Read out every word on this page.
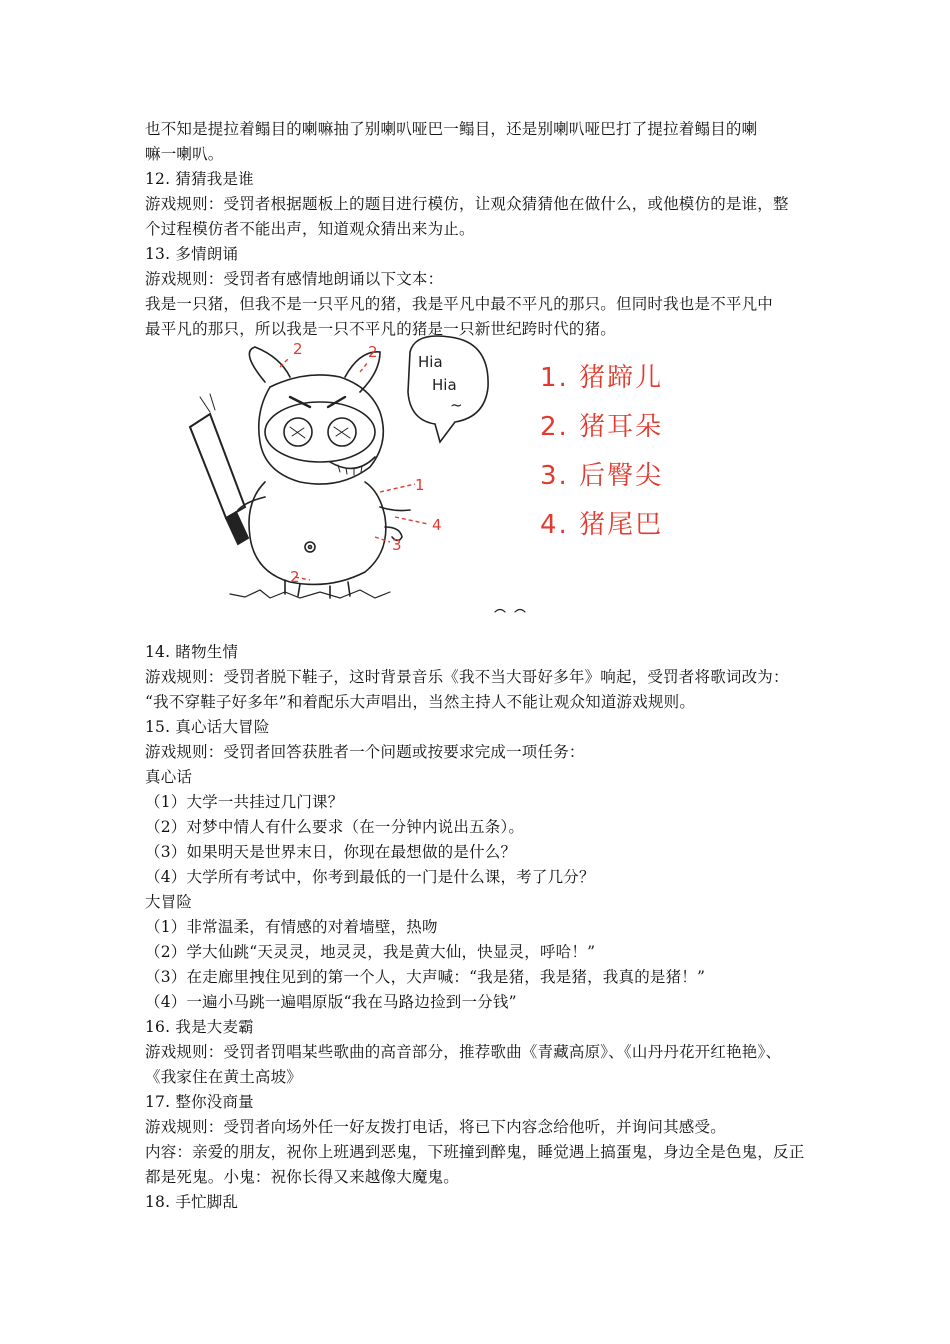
也不知是提拉着鳎目的喇嘛抽了别喇叭哑巴一鳎目，还是别喇叭哑巴打了提拉着鳎目的喇
嘛一喇叭。
12. 猜猜我是谁
游戏规则：受罚者根据题板上的题目进行模仿，让观众猜猜他在做什么，或他模仿的是谁，整
个过程模仿者不能出声，知道观众猜出来为止。
13. 多情朗诵
游戏规则：受罚者有感情地朗诵以下文本：
我是一只猪，但我不是一只平凡的猪，我是平凡中最不平凡的那只。但同时我也是不平凡中
最平凡的那只，所以我是一只不平凡的猪是一只新世纪跨时代的猪。
Hia
Hia
~
2	2
1
4
3
2
1. 猪蹄儿
2. 猪耳朵
3. 后臀尖
4. 猪尾巴
14. 睹物生情
游戏规则：受罚者脱下鞋子，这时背景音乐《我不当大哥好多年》响起，受罚者将歌词改为：
“我不穿鞋子好多年”和着配乐大声唱出，当然主持人不能让观众知道游戏规则。
15. 真心话大冒险
游戏规则：受罚者回答获胜者一个问题或按要求完成一项任务：
真心话
（1）大学一共挂过几门课？
（2）对梦中情人有什么要求（在一分钟内说出五条）。
（3）如果明天是世界末日，你现在最想做的是什么？
（4）大学所有考试中，你考到最低的一门是什么课，考了几分？
大冒险
（1）非常温柔，有情感的对着墙壁，热吻
（2）学大仙跳“天灵灵，地灵灵，我是黄大仙，快显灵，呼哈！”
（3）在走廊里拽住见到的第一个人，大声喊：“我是猪，我是猪，我真的是猪！”
（4）一遍小马跳一遍唱原版“我在马路边捡到一分钱”
16. 我是大麦霸
游戏规则：受罚者罚唱某些歌曲的高音部分，推荐歌曲《青藏高原》、《山丹丹花开红艳艳》、
《我家住在黄土高坡》
17. 整你没商量
游戏规则：受罚者向场外任一好友拨打电话，将已下内容念给他听，并询问其感受。
内容：亲爱的朋友，祝你上班遇到恶鬼，下班撞到醉鬼，睡觉遇上搞蛋鬼，身边全是色鬼，反正
都是死鬼。小鬼：祝你长得又来越像大魔鬼。
18. 手忙脚乱
